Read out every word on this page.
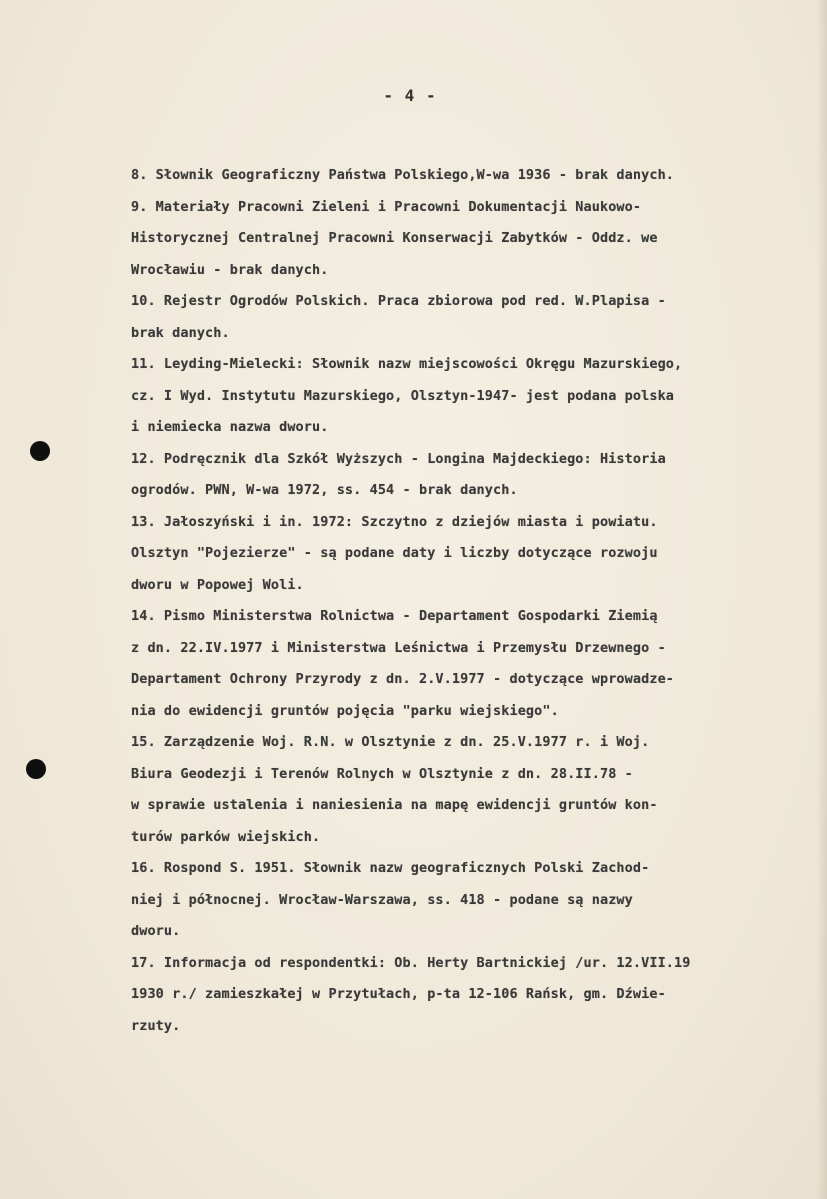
- 4 -
8. Słownik Geograficzny Państwa Polskiego,W-wa 1936 - brak danych.
9. Materiały Pracowni Zieleni i Pracowni Dokumentacji Naukowo-
Historycznej Centralnej Pracowni Konserwacji Zabytków - Oddz. we
Wrocławiu - brak danych.
10. Rejestr Ogrodów Polskich. Praca zbiorowa pod red. W.Plapisa -
brak danych.
11. Leyding-Mielecki: Słownik nazw miejscowości Okręgu Mazurskiego,
cz. I Wyd. Instytutu Mazurskiego, Olsztyn-1947- jest podana polska
i niemiecka nazwa dworu.
12. Podręcznik dla Szkół Wyższych - Longina Majdeckiego: Historia
ogrodów. PWN, W-wa 1972, ss. 454 - brak danych.
13. Jałoszyński i in. 1972: Szczytno z dziejów miasta i powiatu.
Olsztyn "Pojezierze" - są podane daty i liczby dotyczące rozwoju
dworu w Popowej Woli.
14. Pismo Ministerstwa Rolnictwa - Departament Gospodarki Ziemią
z dn. 22.IV.1977 i Ministerstwa Leśnictwa i Przemysłu Drzewnego -
Departament Ochrony Przyrody z dn. 2.V.1977 - dotyczące wprowadze-
nia do ewidencji gruntów pojęcia "parku wiejskiego".
15. Zarządzenie Woj. R.N. w Olsztynie z dn. 25.V.1977 r. i Woj.
Biura Geodezji i Terenów Rolnych w Olsztynie z dn. 28.II.78 -
w sprawie ustalenia i naniesienia na mapę ewidencji gruntów kon-
turów parków wiejskich.
16. Rospond S. 1951. Słownik nazw geograficznych Polski Zachod-
niej i północnej. Wrocław-Warszawa, ss. 418 - podane są nazwy
dworu.
17. Informacja od respondentki: Ob. Herty Bartnickiej /ur. 12.VII.19
1930 r./ zamieszkałej w Przytułach, p-ta 12-106 Rańsk, gm. Dźwie-
rzuty.
